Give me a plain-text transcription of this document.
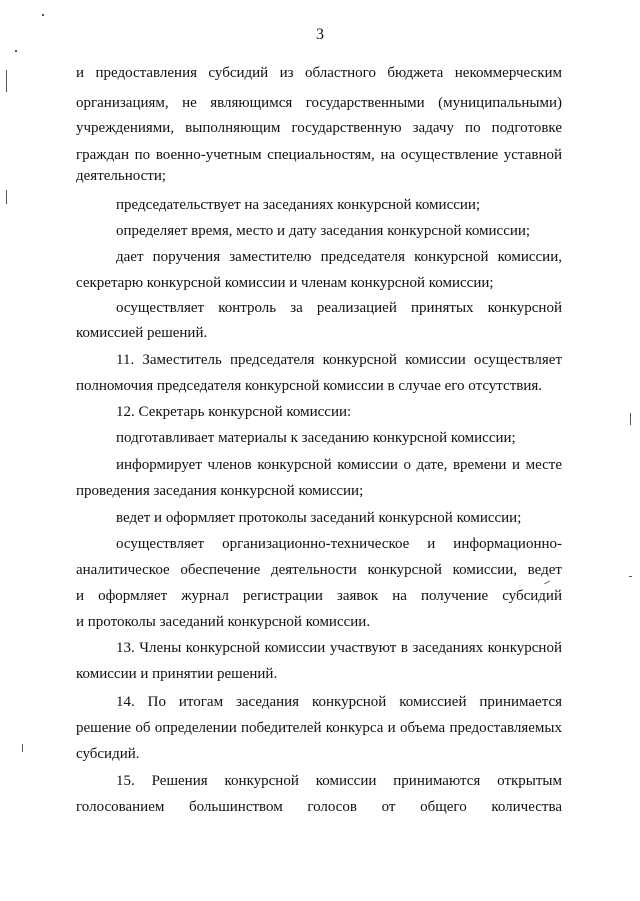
3
и предоставления субсидий из областного бюджета некоммерческим
организациям, не являющимся государственными (муниципальными)
учреждениями, выполняющим государственную задачу по подготовке
граждан по военно-учетным специальностям, на осуществление уставной
деятельности;
председательствует на заседаниях конкурсной комиссии;
определяет время, место и дату заседания конкурсной комиссии;
дает поручения заместителю председателя конкурсной комиссии,
секретарю конкурсной комиссии и членам конкурсной комиссии;
осуществляет контроль за реализацией принятых конкурсной
комиссией решений.
11. Заместитель председателя конкурсной комиссии осуществляет
полномочия председателя конкурсной комиссии в случае его отсутствия.
12. Секретарь конкурсной комиссии:
подготавливает материалы к заседанию конкурсной комиссии;
информирует членов конкурсной комиссии о дате, времени и месте
проведения заседания конкурсной комиссии;
ведет и оформляет протоколы заседаний конкурсной комиссии;
осуществляет организационно-техническое и информационно-
аналитическое обеспечение деятельности конкурсной комиссии, ведет
и оформляет журнал регистрации заявок на получение субсидий
и протоколы заседаний конкурсной комиссии.
13. Члены конкурсной комиссии участвуют в заседаниях конкурсной
комиссии и принятии решений.
14. По итогам заседания конкурсной комиссией принимается
решение об определении победителей конкурса и объема предоставляемых
субсидий.
15. Решения конкурсной комиссии принимаются открытым
голосованием большинством голосов от общего количества
